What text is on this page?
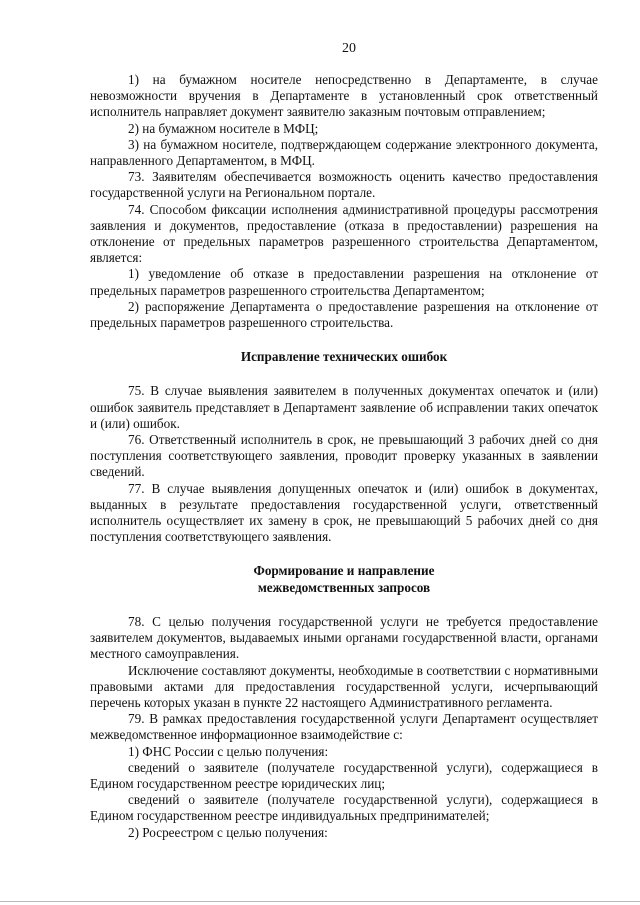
20

1) на бумажном носителе непосредственно в Департаменте, в случае невозможности вручения в Департаменте в установленный срок ответственный исполнитель направляет документ заявителю заказным почтовым отправлением;

2) на бумажном носителе в МФЦ;

3) на бумажном носителе, подтверждающем содержание электронного документа, направленного Департаментом, в МФЦ.

73. Заявителям обеспечивается возможность оценить качество предоставления государственной услуги на Региональном портале.

74. Способом фиксации исполнения административной процедуры рассмотрения заявления и документов, предоставление (отказа в предоставлении) разрешения на отклонение от предельных параметров разрешенного строительства Департаментом, является:

1) уведомление об отказе в предоставлении разрешения на отклонение от предельных параметров разрешенного строительства Департаментом;

2) распоряжение Департамента о предоставление разрешения на отклонение от предельных параметров разрешенного строительства.

Исправление технических ошибок

75. В случае выявления заявителем в полученных документах опечаток и (или) ошибок заявитель представляет в Департамент заявление об исправлении таких опечаток и (или) ошибок.

76. Ответственный исполнитель в срок, не превышающий 3 рабочих дней со дня поступления соответствующего заявления, проводит проверку указанных в заявлении сведений.

77. В случае выявления допущенных опечаток и (или) ошибок в документах, выданных в результате предоставления государственной услуги, ответственный исполнитель осуществляет их замену в срок, не превышающий 5 рабочих дней со дня поступления соответствующего заявления.

Формирование и направление
межведомственных запросов

78. С целью получения государственной услуги не требуется предоставление заявителем документов, выдаваемых иными органами государственной власти, органами местного самоуправления.

Исключение составляют документы, необходимые в соответствии с нормативными правовыми актами для предоставления государственной услуги, исчерпывающий перечень которых указан в пункте 22 настоящего Административного регламента.

79. В рамках предоставления государственной услуги Департамент осуществляет межведомственное информационное взаимодействие с:

1) ФНС России с целью получения:

сведений о заявителе (получателе государственной услуги), содержащиеся в Едином государственном реестре юридических лиц;

сведений о заявителе (получателе государственной услуги), содержащиеся в Едином государственном реестре индивидуальных предпринимателей;

2) Росреестром с целью получения:
